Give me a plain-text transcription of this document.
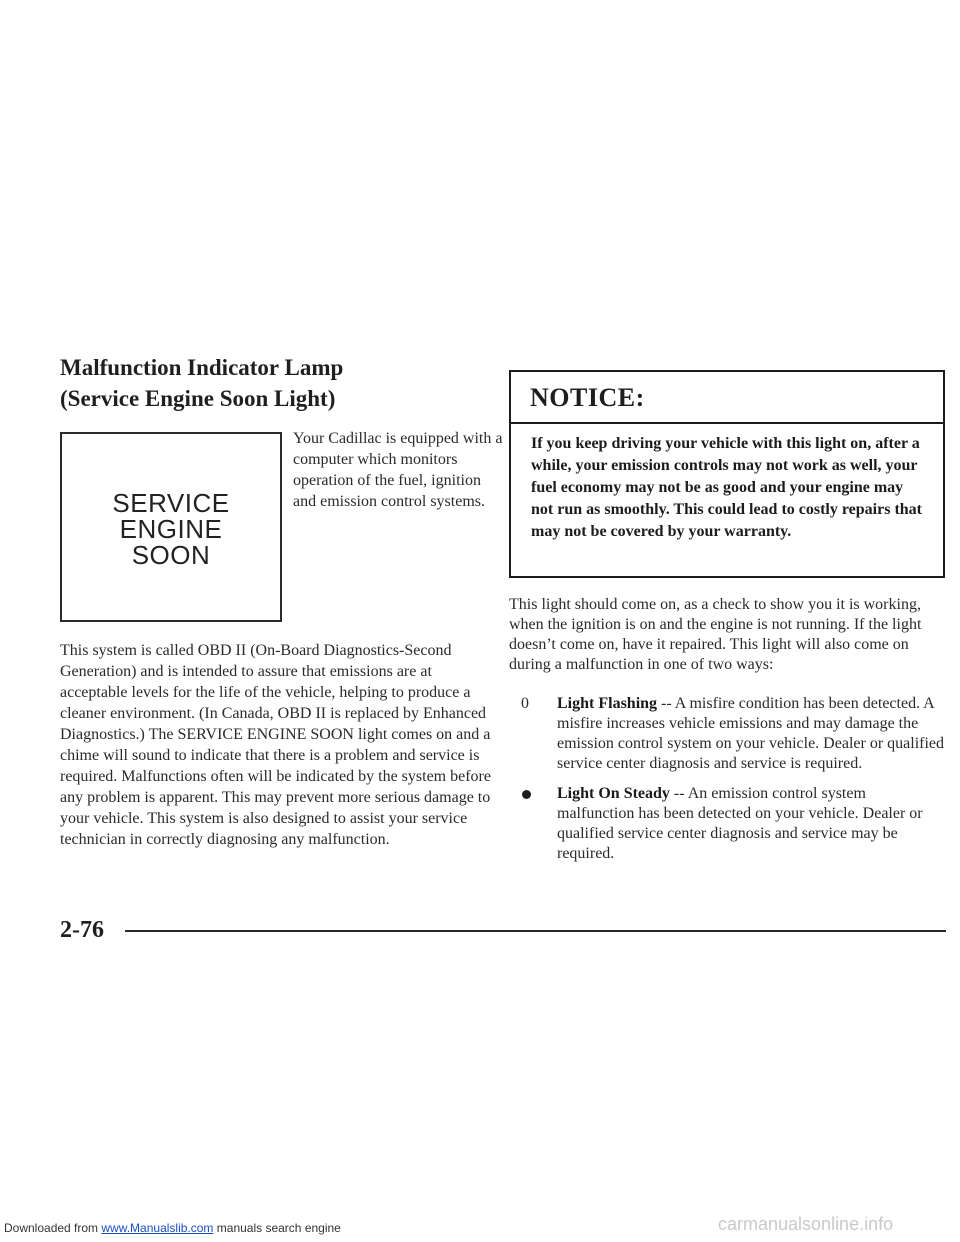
Malfunction Indicator Lamp
(Service Engine Soon Light)
SERVICE
ENGINE
SOON
Your Cadillac is equipped with a computer which monitors operation of the fuel, ignition and emission control systems.
This system is called OBD II (On-Board Diagnostics-Second Generation) and is intended to assure that emissions are at acceptable levels for the life of the vehicle, helping to produce a cleaner environment. (In Canada, OBD II is replaced by Enhanced Diagnostics.) The SERVICE ENGINE SOON light comes on and a chime will sound to indicate that there is a problem and service is required. Malfunctions often will be indicated by the system before any problem is apparent. This may prevent more serious damage to your vehicle. This system is also designed to assist your service technician in correctly diagnosing any malfunction.
NOTICE:
If you keep driving your vehicle with this light on, after a while, your emission controls may not work as well, your fuel economy may not be as good and your engine may not run as smoothly. This could lead to costly repairs that may not be covered by your warranty.
This light should come on, as a check to show you it is working, when the ignition is on and the engine is not running. If the light doesn’t come on, have it repaired. This light will also come on during a malfunction in one of two ways:
0 Light Flashing -- A misfire condition has been detected. A misfire increases vehicle emissions and may damage the emission control system on your vehicle. Dealer or qualified service center diagnosis and service is required.
Light On Steady -- An emission control system malfunction has been detected on your vehicle. Dealer or qualified service center diagnosis and service may be required.
2-76
Downloaded from www.Manualslib.com manuals search engine	carmanualsonline.info
